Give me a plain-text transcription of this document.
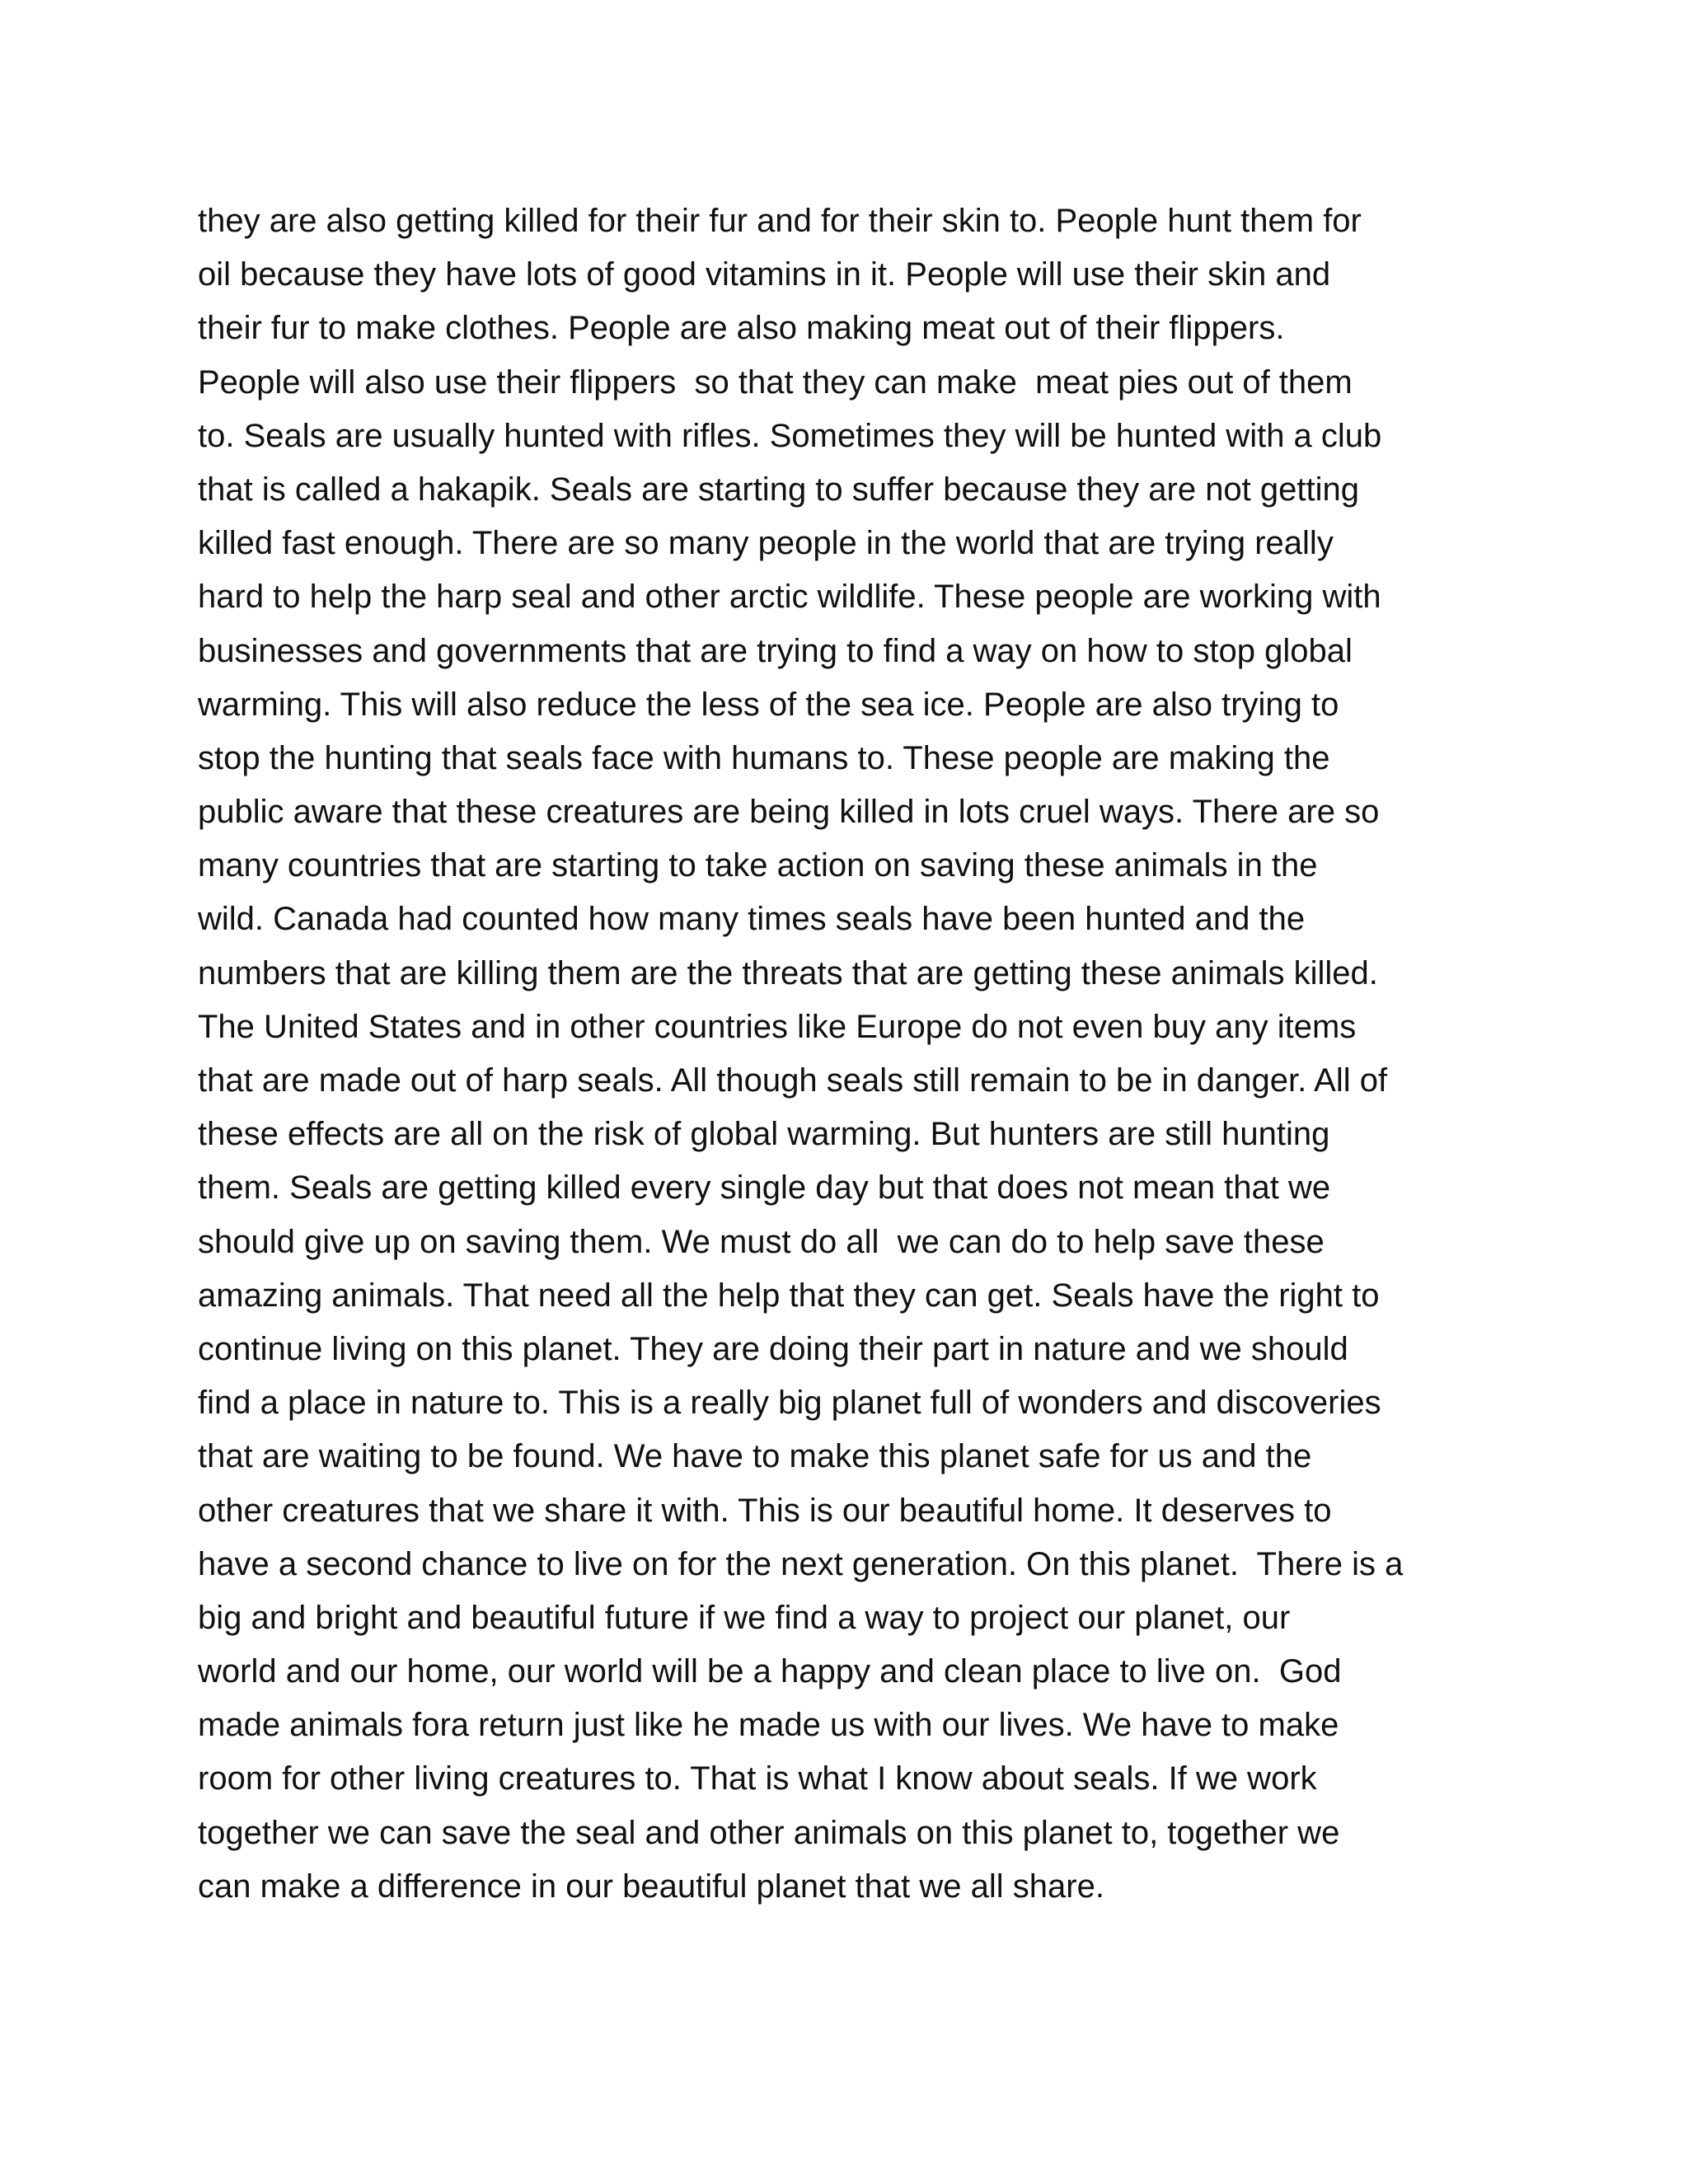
they are also getting killed for their fur and for their skin to. People hunt them for
oil because they have lots of good vitamins in it. People will use their skin and
their fur to make clothes. People are also making meat out of their flippers.
People will also use their flippers  so that they can make  meat pies out of them
to. Seals are usually hunted with rifles. Sometimes they will be hunted with a club
that is called a hakapik. Seals are starting to suffer because they are not getting
killed fast enough. There are so many people in the world that are trying really
hard to help the harp seal and other arctic wildlife. These people are working with
businesses and governments that are trying to find a way on how to stop global
warming. This will also reduce the less of the sea ice. People are also trying to
stop the hunting that seals face with humans to. These people are making the
public aware that these creatures are being killed in lots cruel ways. There are so
many countries that are starting to take action on saving these animals in the
wild. Canada had counted how many times seals have been hunted and the
numbers that are killing them are the threats that are getting these animals killed.
The United States and in other countries like Europe do not even buy any items
that are made out of harp seals. All though seals still remain to be in danger. All of
these effects are all on the risk of global warming. But hunters are still hunting
them. Seals are getting killed every single day but that does not mean that we
should give up on saving them. We must do all  we can do to help save these
amazing animals. That need all the help that they can get. Seals have the right to
continue living on this planet. They are doing their part in nature and we should
find a place in nature to. This is a really big planet full of wonders and discoveries
that are waiting to be found. We have to make this planet safe for us and the
other creatures that we share it with. This is our beautiful home. It deserves to
have a second chance to live on for the next generation. On this planet.  There is a
big and bright and beautiful future if we find a way to project our planet, our
world and our home, our world will be a happy and clean place to live on.  God
made animals fora return just like he made us with our lives. We have to make
room for other living creatures to. That is what I know about seals. If we work
together we can save the seal and other animals on this planet to, together we
can make a difference in our beautiful planet that we all share.
